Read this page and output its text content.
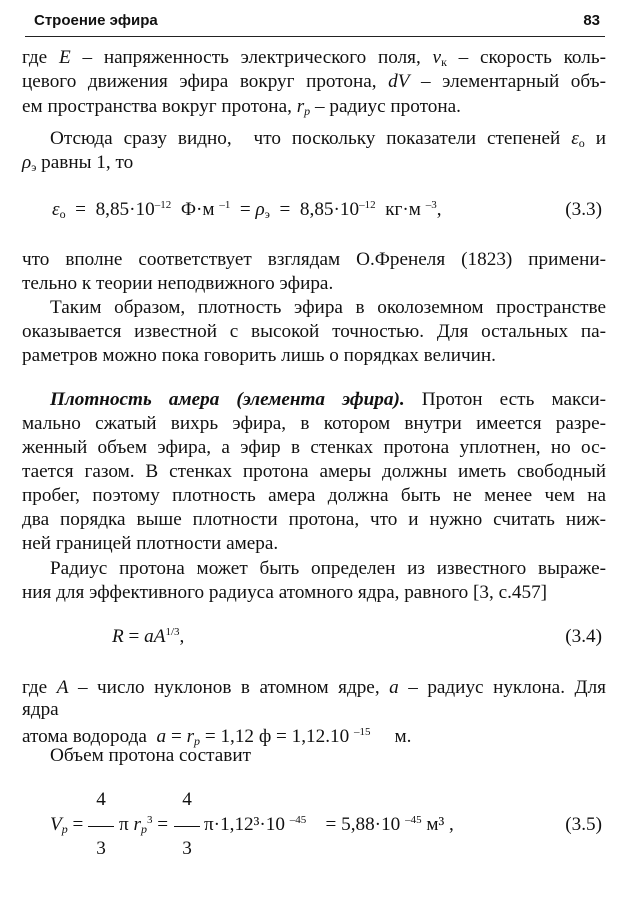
Строение эфира	83
где E – напряженность электрического поля, $v_к$ – скорость коль-
цевого движения эфира вокруг протона, dV – элементарный объ-
ем пространства вокруг протона, $r_p$ – радиус протона.
Отсюда сразу видно,  что поскольку показатели степеней $\varepsilon_о$ и
$\rho_э$ равны 1, то
$\varepsilon_о = 8,85\cdot 10^{-12}$  Ф·м $^{-1} = \rho_э = 8,85\cdot 10^{-12}$  кг·м $^{-3}$,	(3.3)
что вполне соответствует взглядам О.Френеля (1823) примени-
тельно к теории неподвижного эфира.
Таким образом, плотность эфира в околоземном пространстве
оказывается известной с высокой точностью. Для остальных па-
раметров можно пока говорить лишь о порядках величин.
Плотность амера (элемента эфира). Протон есть макси-
мально сжатый вихрь эфира, в котором внутри имеется разре-
женный объем эфира, а эфир в стенках протона уплотнен, но ос-
тается газом. В стенках протона амеры должны иметь свободный
пробег, поэтому плотность амера должна быть не менее чем на
два порядка выше плотности протона, что и нужно считать ниж-
ней границей плотности амера.
Радиус протона может быть определен из известного выраже-
ния для эффективного радиуса атомного ядра, равного [3, с.457]
$R = aA^{1/3}$,	(3.4)
где A – число нуклонов в атомном ядре, a – радиус нуклона. Для
ядра
атома водорода  $a = r_p = 1,12$ ф = 1,12.10 $^{-15}$     м.
Объем протона составит
4
3
4
3
$V_p = \pi$ $r_p^3 = \pi\cdot 1,12^3\cdot 10$ $^{-45}$    = 5,88·10 $^{-45}$ м³ ,	(3.5)
